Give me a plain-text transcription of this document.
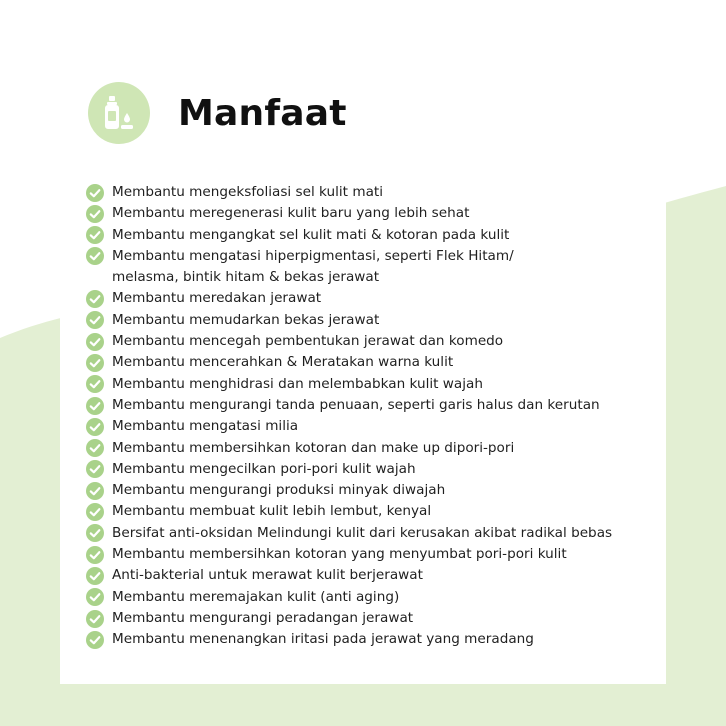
Manfaat
Membantu mengeksfoliasi sel kulit mati
Membantu meregenerasi kulit baru yang lebih sehat
Membantu mengangkat sel kulit mati & kotoran pada kulit
Membantu mengatasi hiperpigmentasi, seperti Flek Hitam/
melasma, bintik hitam & bekas jerawat
Membantu meredakan jerawat
Membantu memudarkan bekas jerawat
Membantu mencegah pembentukan jerawat dan komedo
Membantu mencerahkan & Meratakan warna kulit
Membantu menghidrasi dan melembabkan kulit wajah
Membantu mengurangi tanda penuaan, seperti garis halus dan kerutan
Membantu mengatasi milia
Membantu membersihkan kotoran dan make up dipori-pori
Membantu mengecilkan pori-pori kulit wajah
Membantu mengurangi produksi minyak diwajah
Membantu membuat kulit lebih lembut, kenyal
Bersifat anti-oksidan Melindungi kulit dari kerusakan akibat radikal bebas
Membantu membersihkan kotoran yang menyumbat pori-pori kulit
Anti-bakterial untuk merawat kulit berjerawat
Membantu meremajakan kulit (anti aging)
Membantu mengurangi peradangan jerawat
Membantu menenangkan iritasi pada jerawat yang meradang
